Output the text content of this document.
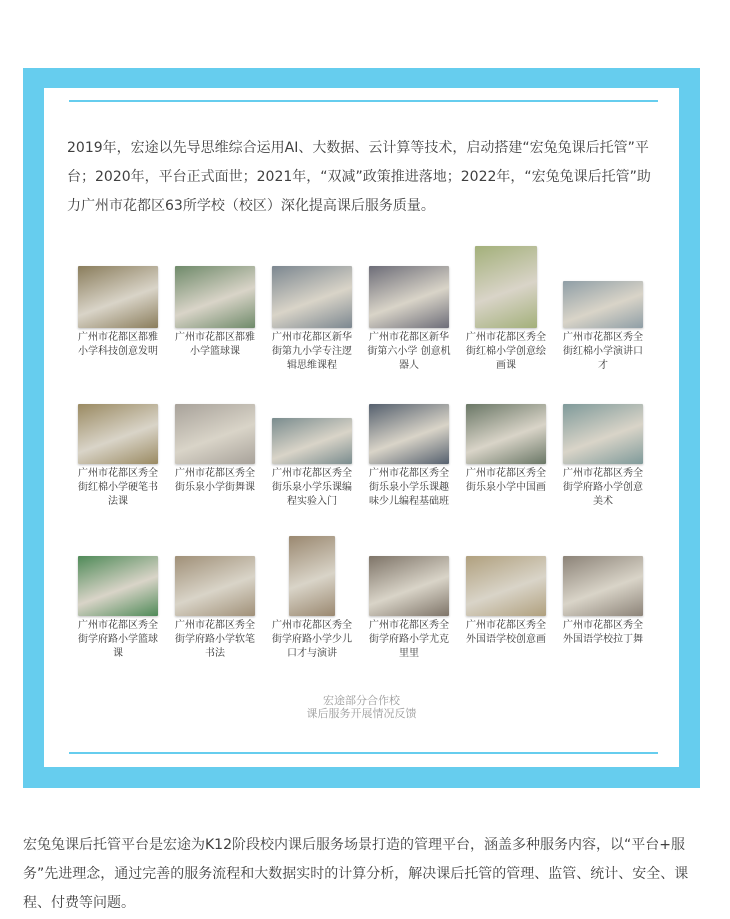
2019年，宏途以先导思维综合运用AI、大数据、云计算等技术，启动搭建“宏兔兔课后托管”平台；2020年，平台正式面世；2021年，“双减”政策推进落地；2022年，“宏兔兔课后托管”助力广州市花都区63所学校（校区）深化提高课后服务质量。

广州市花都区都雅小学科技创意发明
广州市花都区都雅小学篮球课
广州市花都区新华街第九小学专注逻辑思维课程
广州市花都区新华街第六小学 创意机器人
广州市花都区秀全街红棉小学创意绘画课
广州市花都区秀全街红棉小学演讲口才
广州市花都区秀全街红棉小学硬笔书法课
广州市花都区秀全街乐泉小学街舞课
广州市花都区秀全街乐泉小学乐课编程实验入门
广州市花都区秀全街乐泉小学乐课趣味少儿编程基础班
广州市花都区秀全街乐泉小学中国画
广州市花都区秀全街学府路小学创意美术
广州市花都区秀全街学府路小学篮球课
广州市花都区秀全街学府路小学软笔书法
广州市花都区秀全街学府路小学少儿口才与演讲
广州市花都区秀全街学府路小学尤克里里
广州市花都区秀全外国语学校创意画
广州市花都区秀全外国语学校拉丁舞
宏途部分合作校
课后服务开展情况反馈

宏兔兔课后托管平台是宏途为K12阶段校内课后服务场景打造的管理平台，涵盖多种服务内容，以“平台+服务”先进理念，通过完善的服务流程和大数据实时的计算分析，解决课后托管的管理、监管、统计、安全、课程、付费等问题。
